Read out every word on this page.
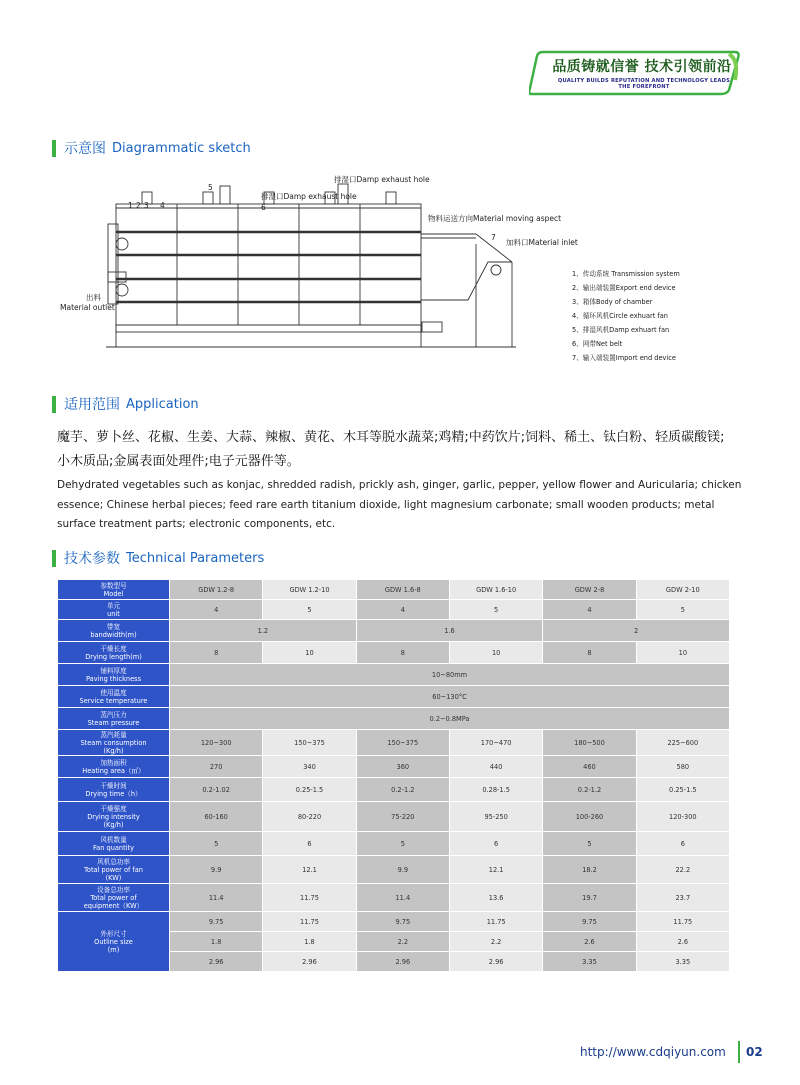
品质铸就信誉 技术引领前沿
QUALITY BUILDS REPUTATION AND TECHNOLOGY LEADS THE FOREFRONT
示意图 Diagrammatic sketch
1 2 3 4
5
6
7
排湿口Damp exhaust hole
排湿口Damp exhaust hole
物料运送方向Material moving aspect
加料口Material inlet
出料
Material outlet
1、传动系统 Transmission system
2、输出端装置Export end device
3、箱体Body of chamber
4、循环风机Circle exhuart fan
5、排湿风机Damp exhuart fan
6、网带Net belt
7、输入端装置Import end device
适用范围 Application
魔芋、萝卜丝、花椒、生姜、大蒜、辣椒、黄花、木耳等脱水蔬菜;鸡精;中药饮片;饲料、稀土、钛白粉、轻质碳酸镁;小木质品;金属表面处理件;电子元器件等。
Dehydrated vegetables such as konjac, shredded radish, prickly ash, ginger, garlic, pepper, yellow flower and Auricularia; chicken essence; Chinese herbal pieces; feed rare earth titanium dioxide, light magnesium carbonate; small wooden products; metal surface treatment parts; electronic components, etc.
技术参数 Technical Parameters
参数型号
Model	GDW 1.2-8	GDW 1.2-10	GDW 1.6-8	GDW 1.6-10	GDW 2-8	GDW 2-10

单元
unit	4	5	4	5	4	5

带宽
bandwidth(m)	1.2		1.6		2	

干燥长度
Drying length(m)	8	10	8	10	8	10

铺料厚度
Paving thickness	10~80mm					

使用温度
Service temperature	60~130°C					

蒸汽压力
Steam pressure	0.2~0.8MPa					

蒸汽耗量
Steam consumption
(Kg/h)	120~300	150~375	150~375	170~470	180~500	225~600

加热面积
Heating area（㎡）	270	340	360	440	460	580

干燥时间
Drying time（h）	0.2-1.02	0.25-1.5	0.2-1.2	0.28-1.5	0.2-1.2	0.25-1.5

干燥强度
Drying intensity
(Kg/h)	60-160	80-220	75-220	95-250	100-260	120-300

风机数量
Fan quantity	5	6	5	6	5	6

风机总功率
Total power of fan
(KW)	9.9	12.1	9.9	12.1	18.2	22.2

设备总功率
Total power of
equipment（KW）	11.4	11.75	11.4	13.6	19.7	23.7

外形尺寸
Outline size
(m)	9.75	11.75	9.75	11.75	9.75	11.75
	1.8	1.8	2.2	2.2	2.6	2.6
	2.96	2.96	2.96	2.96	3.35	3.35
http://www.cdqiyun.com 02
